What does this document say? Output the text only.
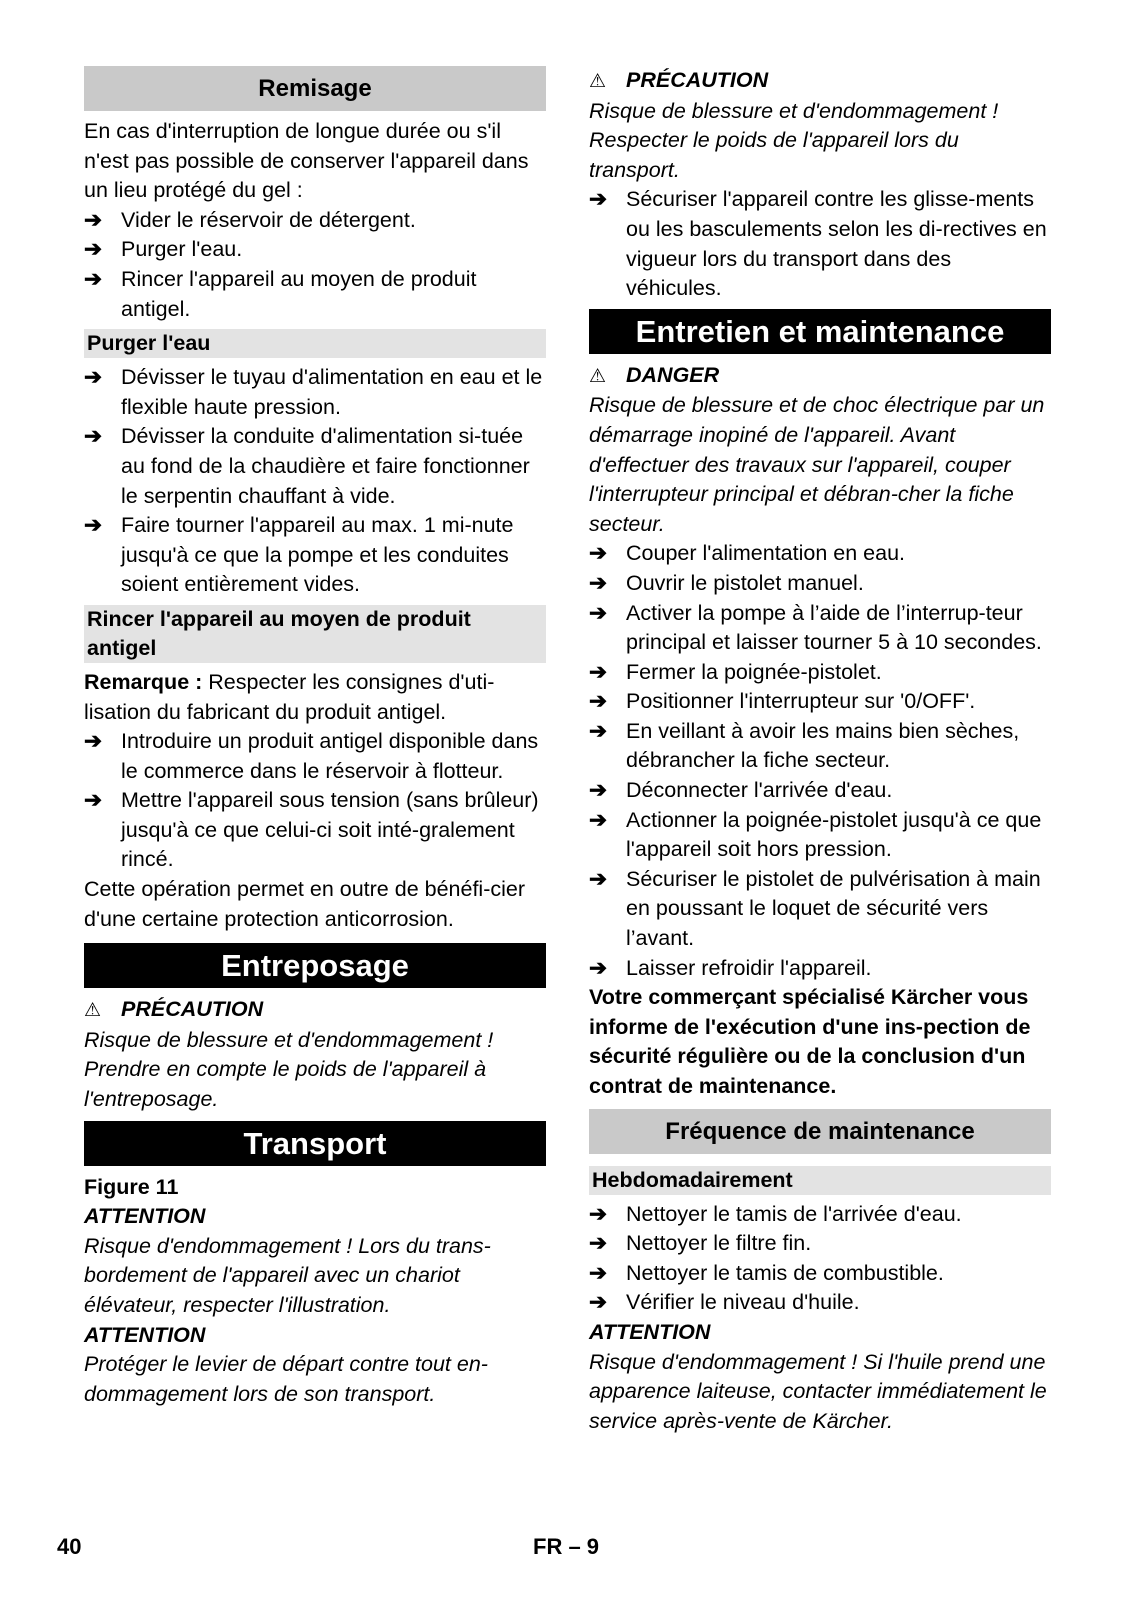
Remisage

En cas d'interruption de longue durée ou s'il n'est pas possible de conserver l'appareil dans un lieu protégé du gel :

➔ Vider le réservoir de détergent.
➔ Purger l'eau.
➔ Rincer l'appareil au moyen de produit antigel.
Purger l'eau
➔ Dévisser le tuyau d'alimentation en eau et le flexible haute pression.
➔ Dévisser la conduite d'alimentation si-tuée au fond de la chaudière et faire fonctionner le serpentin chauffant à vide.
➔ Faire tourner l'appareil au max. 1 mi-nute jusqu'à ce que la pompe et les conduites soient entièrement vides.
Rincer l'appareil au moyen de produit antigel

Remarque : Respecter les consignes d'uti-lisation du fabricant du produit antigel.

➔ Introduire un produit antigel disponible dans le commerce dans le réservoir à flotteur.
➔ Mettre l'appareil sous tension (sans brûleur) jusqu'à ce que celui-ci soit inté-gralement rincé.

Cette opération permet en outre de bénéfi-cier d'une certaine protection anticorrosion.

Entreposage

⚠ PRÉCAUTION

Risque de blessure et d'endommagement ! Prendre en compte le poids de l'appareil à l'entreposage.

Transport

Figure 11

ATTENTION

Risque d'endommagement ! Lors du trans-bordement de l'appareil avec un chariot élévateur, respecter l'illustration.

ATTENTION

Protéger le levier de départ contre tout en-dommagement lors de son transport.

⚠ PRÉCAUTION

Risque de blessure et d'endommagement ! Respecter le poids de l'appareil lors du transport.

➔ Sécuriser l'appareil contre les glisse-ments ou les basculements selon les di-rectives en vigueur lors du transport dans des véhicules.
Entretien et maintenance

⚠ DANGER

Risque de blessure et de choc électrique par un démarrage inopiné de l'appareil. Avant d'effectuer des travaux sur l'appareil, couper l'interrupteur principal et débran-cher la fiche secteur.

➔ Couper l'alimentation en eau.
➔ Ouvrir le pistolet manuel.
➔ Activer la pompe à l’aide de l’interrup-teur principal et laisser tourner 5 à 10 secondes.
➔ Fermer la poignée-pistolet.
➔ Positionner l'interrupteur sur '0/OFF'.
➔ En veillant à avoir les mains bien sèches, débrancher la fiche secteur.
➔ Déconnecter l'arrivée d'eau.
➔ Actionner la poignée-pistolet jusqu'à ce que l'appareil soit hors pression.
➔ Sécuriser le pistolet de pulvérisation à main en poussant le loquet de sécurité vers l’avant.
➔ Laisser refroidir l'appareil.

Votre commerçant spécialisé Kärcher vous informe de l'exécution d'une ins-pection de sécurité régulière ou de la conclusion d'un contrat de maintenance.

Fréquence de maintenance
Hebdomadairement
➔ Nettoyer le tamis de l'arrivée d'eau.
➔ Nettoyer le filtre fin.
➔ Nettoyer le tamis de combustible.
➔ Vérifier le niveau d'huile.

ATTENTION

Risque d'endommagement ! Si l'huile prend une apparence laiteuse, contacter immédiatement le service après-vente de Kärcher.

40	FR – 9
